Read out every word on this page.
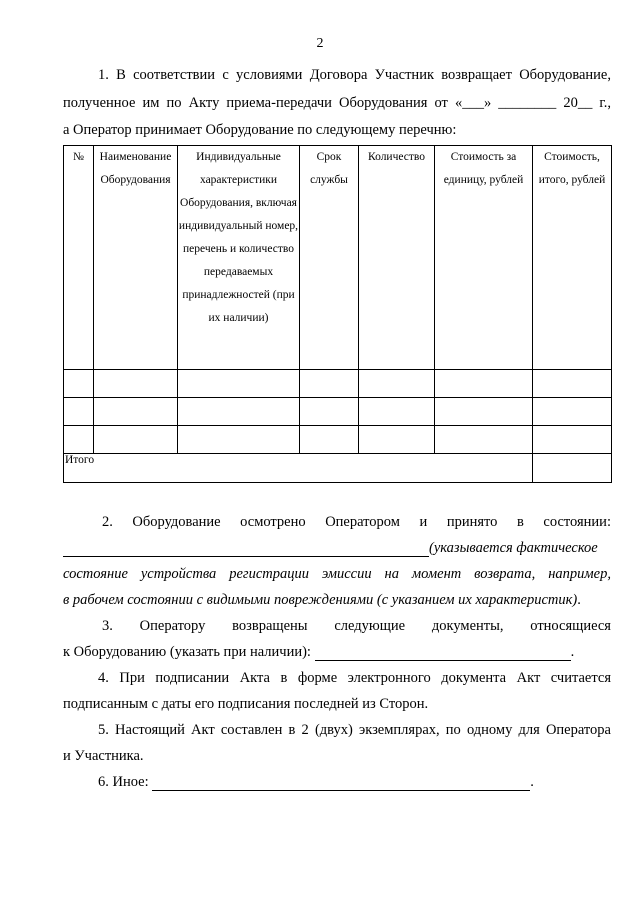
2
1. В соответствии с условиями Договора Участник возвращает Оборудование,
полученное им по Акту приема-передачи Оборудования от «___» ________ 20__ г.,
а Оператор принимает Оборудование по следующему перечню:
№	Наименование Оборудования	Индивидуальные характеристики Оборудования, включая индивидуальный номер, перечень и количество передаваемых принадлежностей (при их наличии)	Срок службы	Количество	Стоимость за единицу, рублей	Стоимость, итого, рублей

Итого						
2. Оборудование осмотрено Оператором и принято в состоянии:
(указывается фактическое
состояние устройства регистрации эмиссии на момент возврата, например,
в рабочем состоянии с видимыми повреждениями (с указанием их характеристик).
3. Оператору возвращены следующие документы, относящиеся
к Оборудованию (указать при наличии):	.
4. При подписании Акта в форме электронного документа Акт считается
подписанным с даты его подписания последней из Сторон.
5. Настоящий Акт составлен в 2 (двух) экземплярах, по одному для Оператора
и Участника.
6. Иное:	.
